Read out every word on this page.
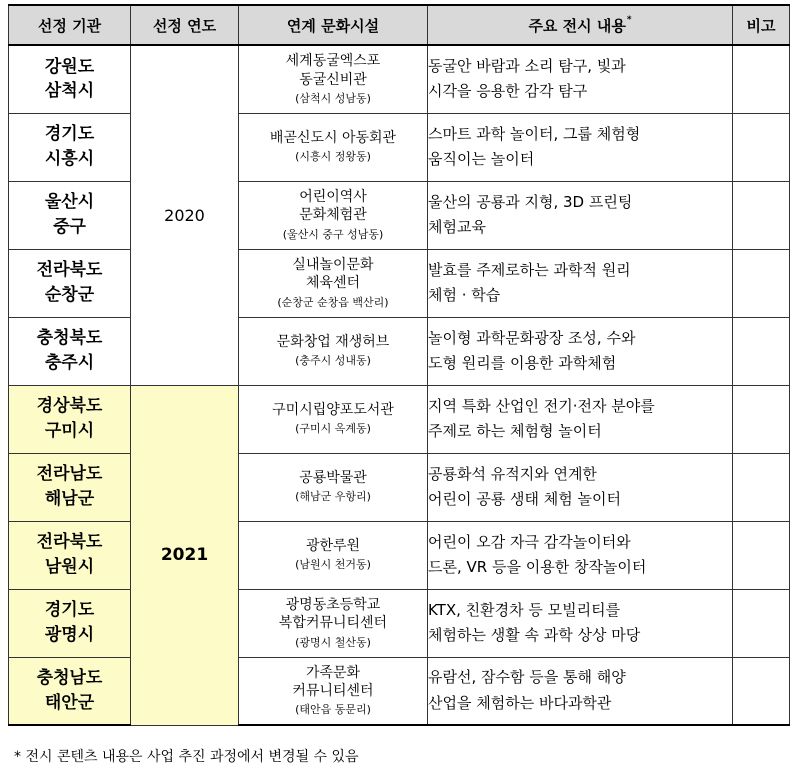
선정 기관	선정 연도	연계 문화시설	주요 전시 내용*	비고

강원도
삼척시	2020	세계동굴엑스포
동굴신비관
(삼척시 성남동)	동굴안 바람과 소리 탐구, 빛과
시각을 응용한 감각 탐구	

경기도
시흥시		배곧신도시 아동회관
(시흥시 정왕동)	스마트 과학 놀이터, 그룹 체험형
움직이는 놀이터	

울산시
중구		어린이역사
문화체험관
(울산시 중구 성남동)	울산의 공룡과 지형, 3D 프린팅
체험교육	

전라북도
순창군		실내놀이문화
체육센터
(순창군 순창읍 백산리)	발효를 주제로하는 과학적 원리
체험 · 학습	

충청북도
충주시		문화창업 재생허브
(충주시 성내동)	놀이형 과학문화광장 조성, 수와
도형 원리를 이용한 과학체험	

경상북도
구미시	2021	구미시립양포도서관
(구미시 옥계동)	지역 특화 산업인 전기·전자 분야를
주제로 하는 체험형 놀이터	

전라남도
해남군		공룡박물관
(해남군 우항리)	공룡화석 유적지와 연계한
어린이 공룡 생태 체험 놀이터	

전라북도
남원시		광한루원
(남원시 천거동)	어린이 오감 자극 감각놀이터와
드론, VR 등을 이용한 창작놀이터	

경기도
광명시		광명동초등학교
복합커뮤니티센터
(광명시 철산동)	KTX, 친환경차 등 모빌리티를
체험하는 생활 속 과학 상상 마당	

충청남도
태안군		가족문화
커뮤니티센터
(태안읍 동문리)	유람선, 잠수함 등을 통해 해양
산업을 체험하는 바다과학관	

* 전시 콘텐츠 내용은 사업 추진 과정에서 변경될 수 있음
